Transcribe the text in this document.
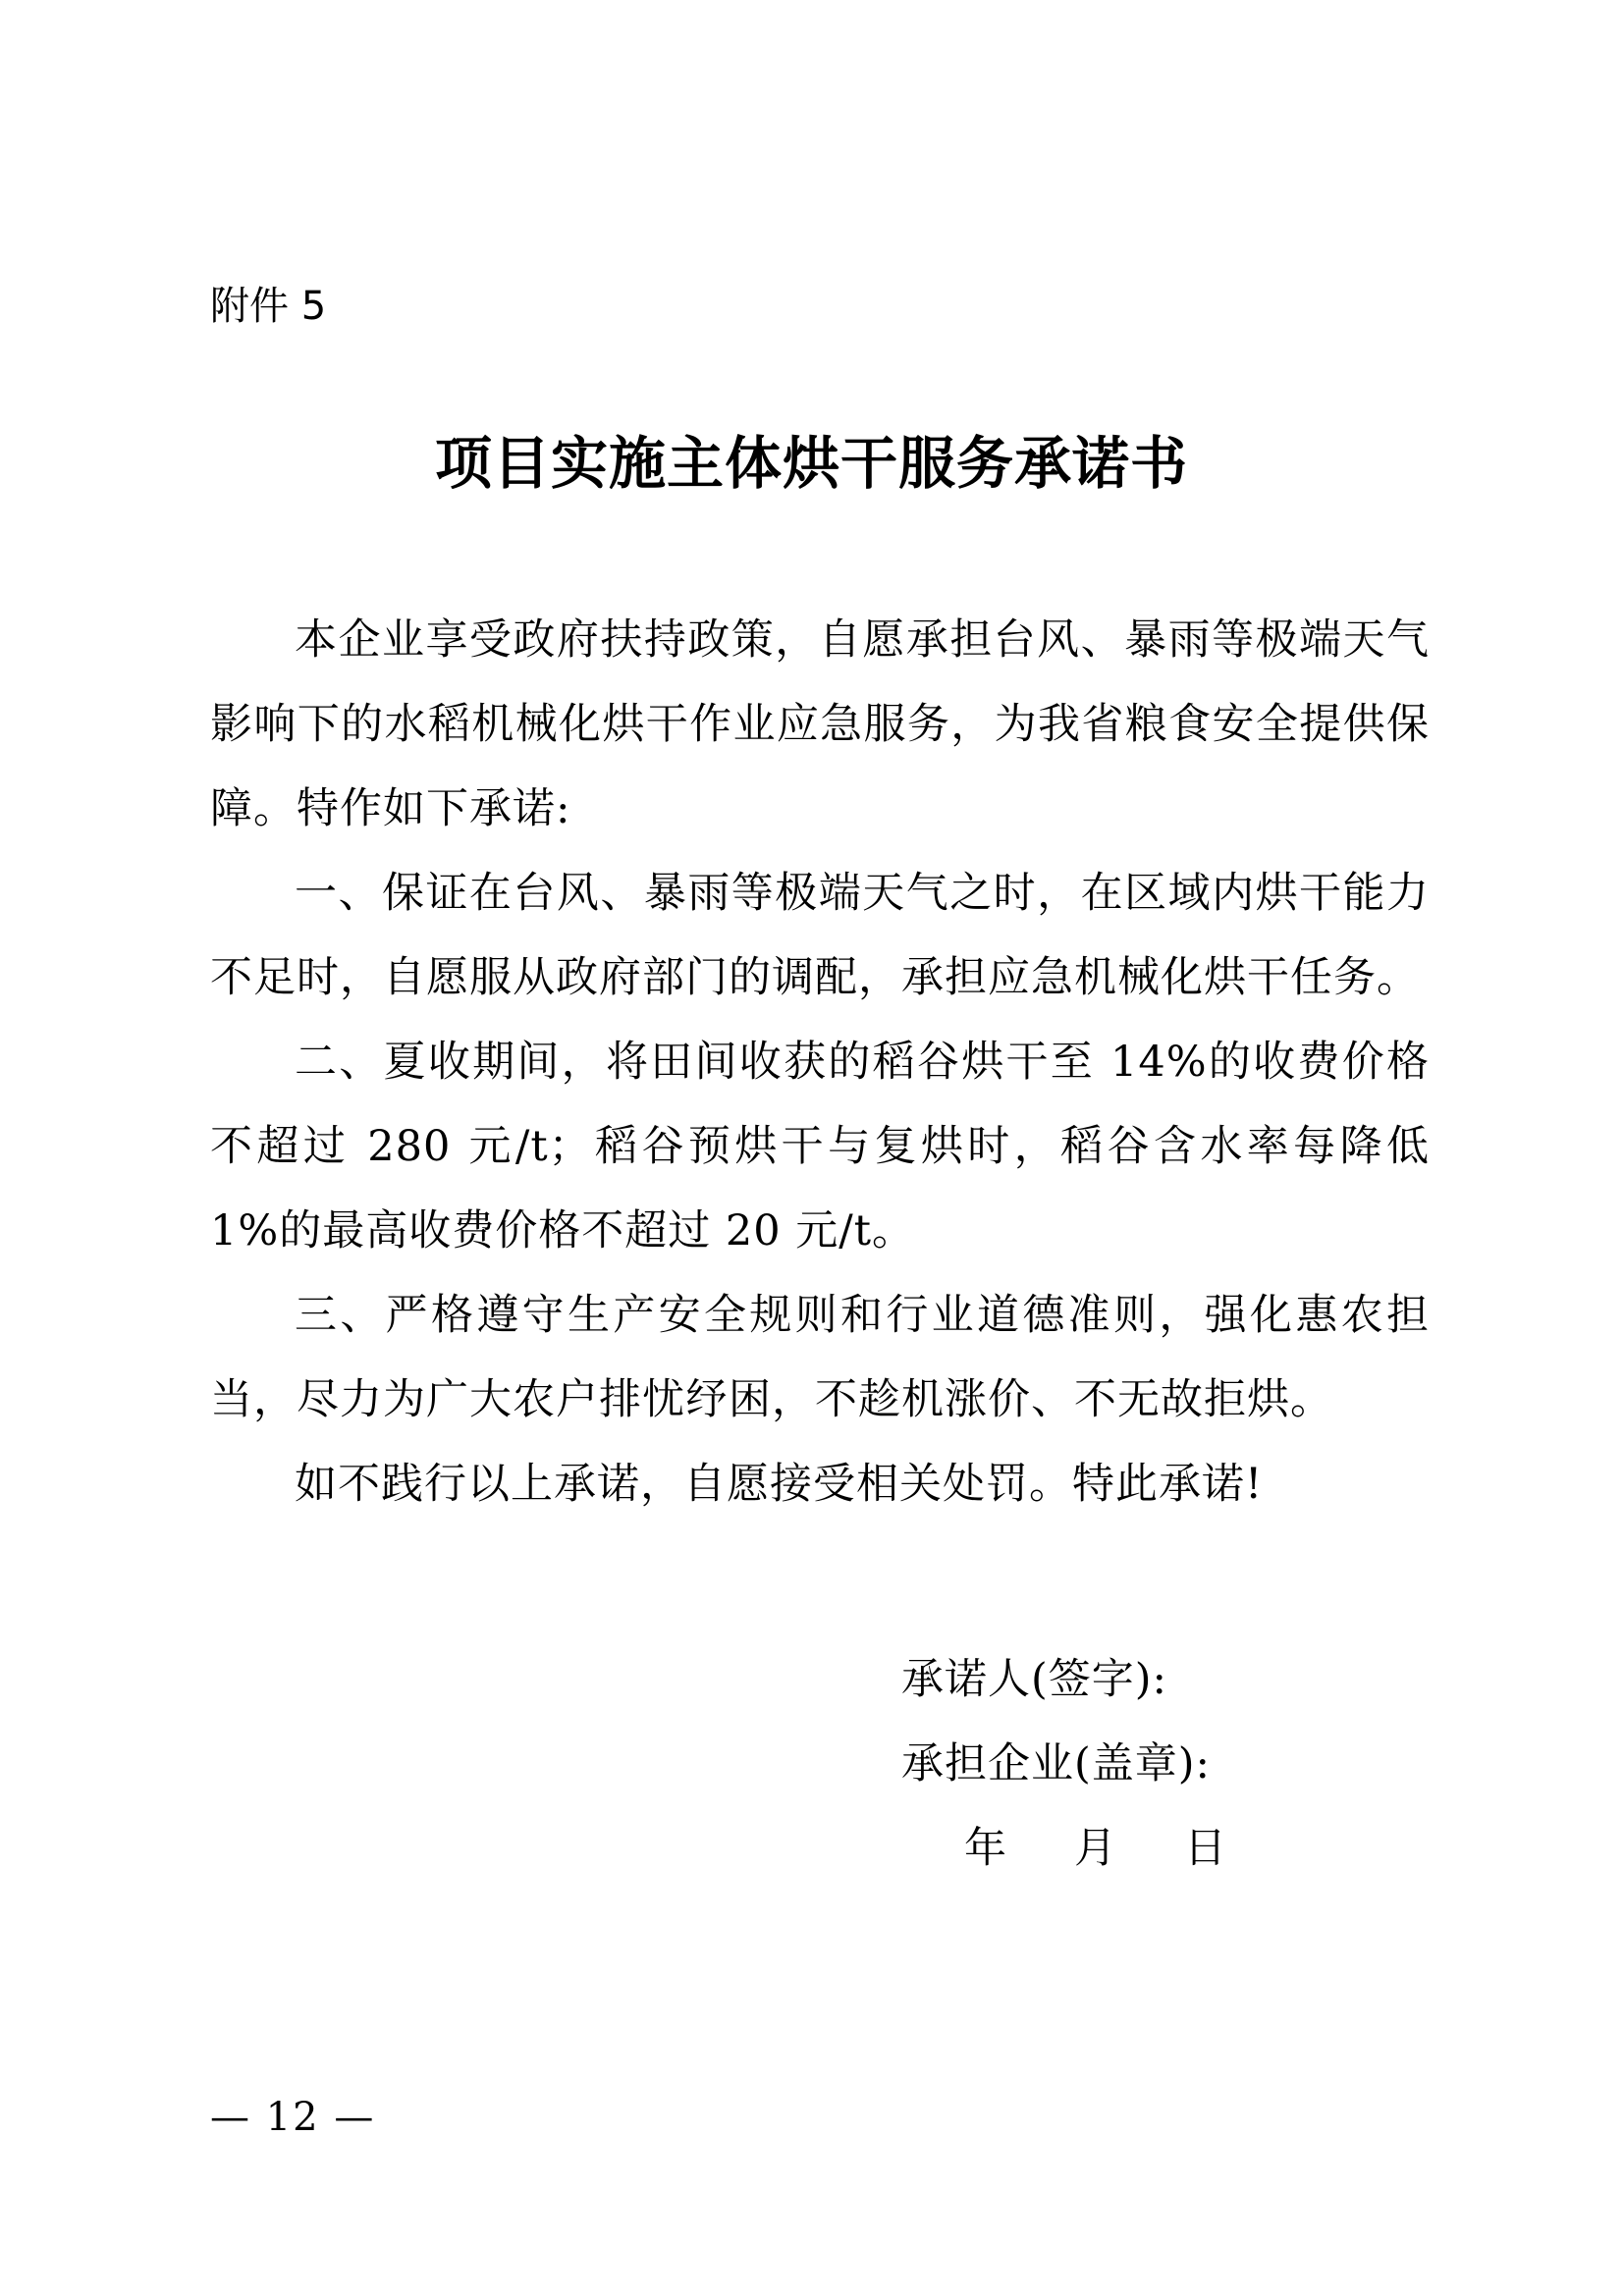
附件 5
项目实施主体烘干服务承诺书

本企业享受政府扶持政策，自愿承担台风、暴雨等极端天气影响下的水稻机械化烘干作业应急服务，为我省粮食安全提供保障。特作如下承诺:

一、保证在台风、暴雨等极端天气之时，在区域内烘干能力不足时，自愿服从政府部门的调配，承担应急机械化烘干任务。

二、夏收期间，将田间收获的稻谷烘干至 14%的收费价格不超过 280 元/t；稻谷预烘干与复烘时，稻谷含水率每降低 1%的最高收费价格不超过 20 元/t。

三、严格遵守生产安全规则和行业道德准则，强化惠农担当，尽力为广大农户排忧纾困，不趁机涨价、不无故拒烘。

如不践行以上承诺，自愿接受相关处罚。特此承诺!

承诺人(签字):

承担企业(盖章):

年 月 日

— 12 —
